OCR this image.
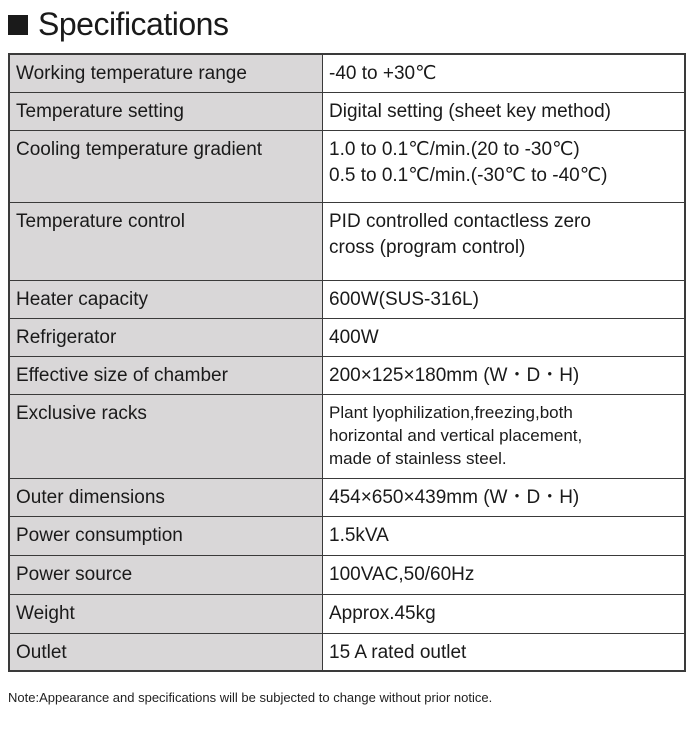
Specifications
Working temperature range	-40 to +30℃
Temperature setting	Digital setting (sheet key method)
Cooling temperature gradient	1.0 to 0.1℃/min.(20 to -30℃)
0.5 to 0.1℃/min.(-30℃ to -40℃)
Temperature control	PID controlled contactless zero
cross (program control)
Heater capacity	600W(SUS-316L)
Refrigerator	400W
Effective size of chamber	200×125×180mm (W・D・H)
Exclusive racks	Plant lyophilization,freezing,both
horizontal and vertical placement,
made of stainless steel.
Outer dimensions	454×650×439mm (W・D・H)
Power consumption	1.5kVA
Power source	100VAC,50/60Hz
Weight	Approx.45kg
Outlet	15 A rated outlet
Note:Appearance and specifications will be subjected to change without prior notice.
